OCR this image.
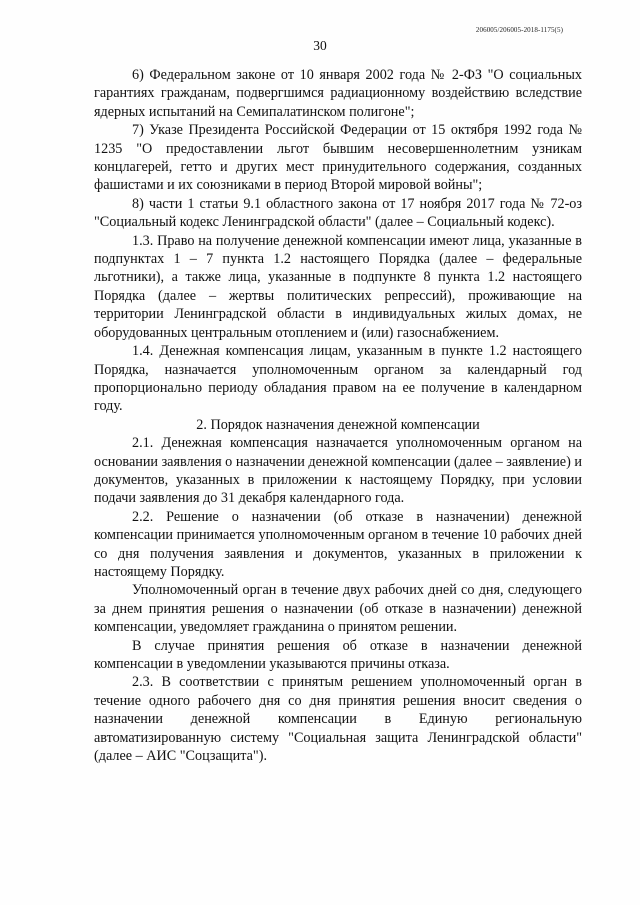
206005/206005-2018-1175(5)
30

6) Федеральном законе от 10 января 2002 года № 2-ФЗ "О социальных гарантиях гражданам, подвергшимся радиационному воздействию вследствие ядерных испытаний на Семипалатинском полигоне";

7) Указе Президента Российской Федерации от 15 октября 1992 года № 1235 "О предоставлении льгот бывшим несовершеннолетним узникам концлагерей, гетто и других мест принудительного содержания, созданных фашистами и их союзниками в период Второй мировой войны";

8) части 1 статьи 9.1 областного закона от 17 ноября 2017 года № 72-оз "Социальный кодекс Ленинградской области" (далее – Социальный кодекс).

1.3. Право на получение денежной компенсации имеют лица, указанные в подпунктах 1 – 7 пункта 1.2 настоящего Порядка (далее – федеральные льготники), а также лица, указанные в подпункте 8 пункта 1.2 настоящего Порядка (далее – жертвы политических репрессий), проживающие на территории Ленинградской области в индивидуальных жилых домах, не оборудованных центральным отоплением и (или) газоснабжением.

1.4. Денежная компенсация лицам, указанным в пункте 1.2 настоящего Порядка, назначается уполномоченным органом за календарный год пропорционально периоду обладания правом на ее получение в календарном году.

2. Порядок назначения денежной компенсации

2.1. Денежная компенсация назначается уполномоченным органом на основании заявления о назначении денежной компенсации (далее – заявление) и документов, указанных в приложении к настоящему Порядку, при условии подачи заявления до 31 декабря календарного года.

2.2. Решение о назначении (об отказе в назначении) денежной компенсации принимается уполномоченным органом в течение 10 рабочих дней со дня получения заявления и документов, указанных в приложении к настоящему Порядку.

Уполномоченный орган в течение двух рабочих дней со дня, следующего за днем принятия решения о назначении (об отказе в назначении) денежной компенсации, уведомляет гражданина о принятом решении.

В случае принятия решения об отказе в назначении денежной компенсации в уведомлении указываются причины отказа.

2.3. В соответствии с принятым решением уполномоченный орган в течение одного рабочего дня со дня принятия решения вносит сведения о назначении денежной компенсации в Единую региональную автоматизированную систему "Социальная защита Ленинградской области" (далее – АИС "Соцзащита").
